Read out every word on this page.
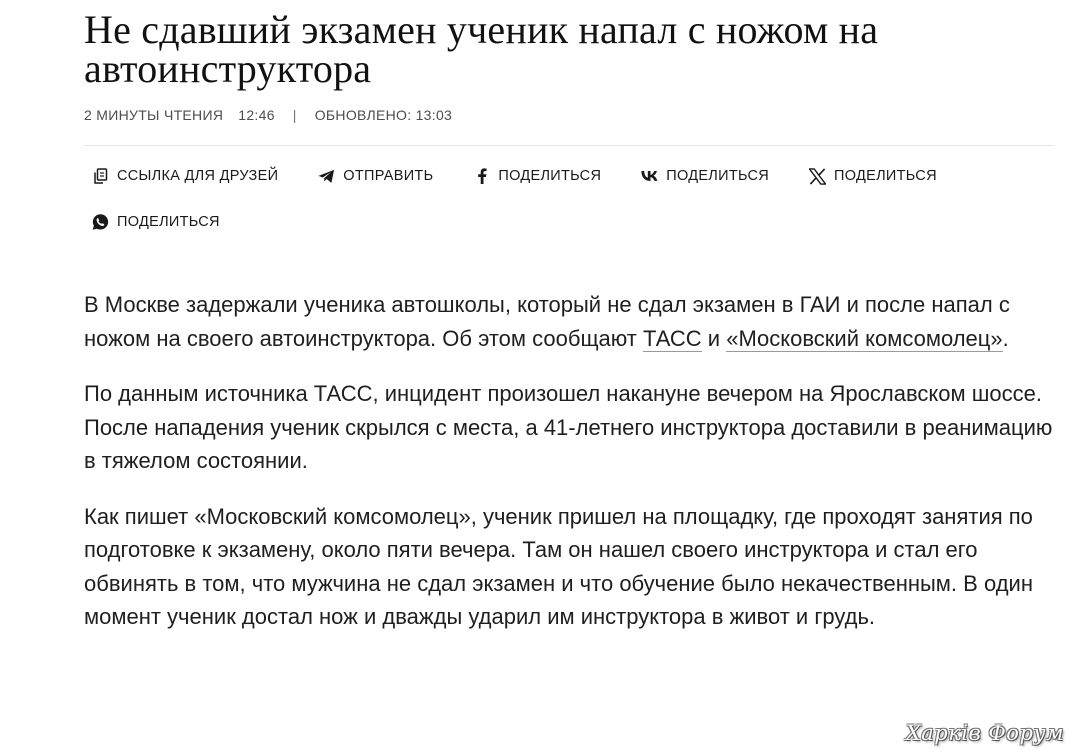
Не сдавший экзамен ученик напал с ножом на автоинструктора
2 МИНУТЫ ЧТЕНИЯ 12:46 | ОБНОВЛЕНО: 13:03
ССЫЛКА ДЛЯ ДРУЗЕЙ	ОТПРАВИТЬ	ПОДЕЛИТЬСЯ	ПОДЕЛИТЬСЯ	ПОДЕЛИТЬСЯ
ПОДЕЛИТЬСЯ

В Москве задержали ученика автошколы, который не сдал экзамен в ГАИ и после напал с ножом на своего автоинструктора. Об этом сообщают ТАСС и «Московский комсомолец».

По данным источника ТАСС, инцидент произошел накануне вечером на Ярославском шоссе. После нападения ученик скрылся с места, а 41-летнего инструктора доставили в реанимацию в тяжелом состоянии.

Как пишет «Московский комсомолец», ученик пришел на площадку, где проходят занятия по подготовке к экзамену, около пяти вечера. Там он нашел своего инструктора и стал его обвинять в том, что мужчина не сдал экзамен и что обучение было некачественным. В один момент ученик достал нож и дважды ударил им инструктора в живот и грудь.

Харків Форум
